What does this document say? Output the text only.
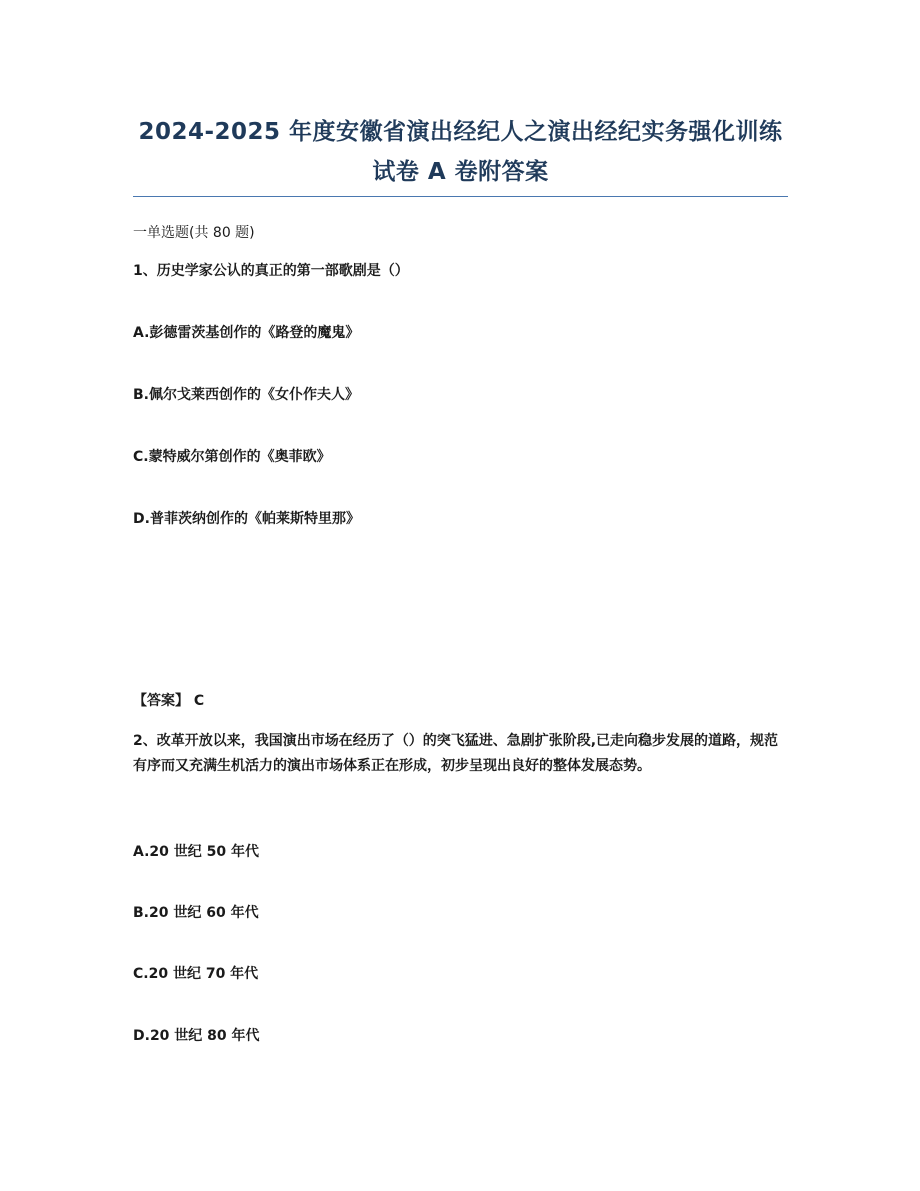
2024-2025 年度安徽省演出经纪人之演出经纪实务强化训练试卷 A 卷附答案
一单选题(共 80 题)
1、历史学家公认的真正的第一部歌剧是（）
A.彭德雷茨基创作的《路登的魔鬼》
B.佩尔戈莱西创作的《女仆作夫人》
C.蒙特威尔第创作的《奥菲欧》
D.普菲茨纳创作的《帕莱斯特里那》
【答案】 C
2、改革开放以来，我国演出市场在经历了（）的突飞猛进、急剧扩张阶段,已走向稳步发展的道路，规范有序而又充满生机活力的演出市场体系正在形成，初步呈现出良好的整体发展态势。
A.20 世纪 50 年代
B.20 世纪 60 年代
C.20 世纪 70 年代
D.20 世纪 80 年代
